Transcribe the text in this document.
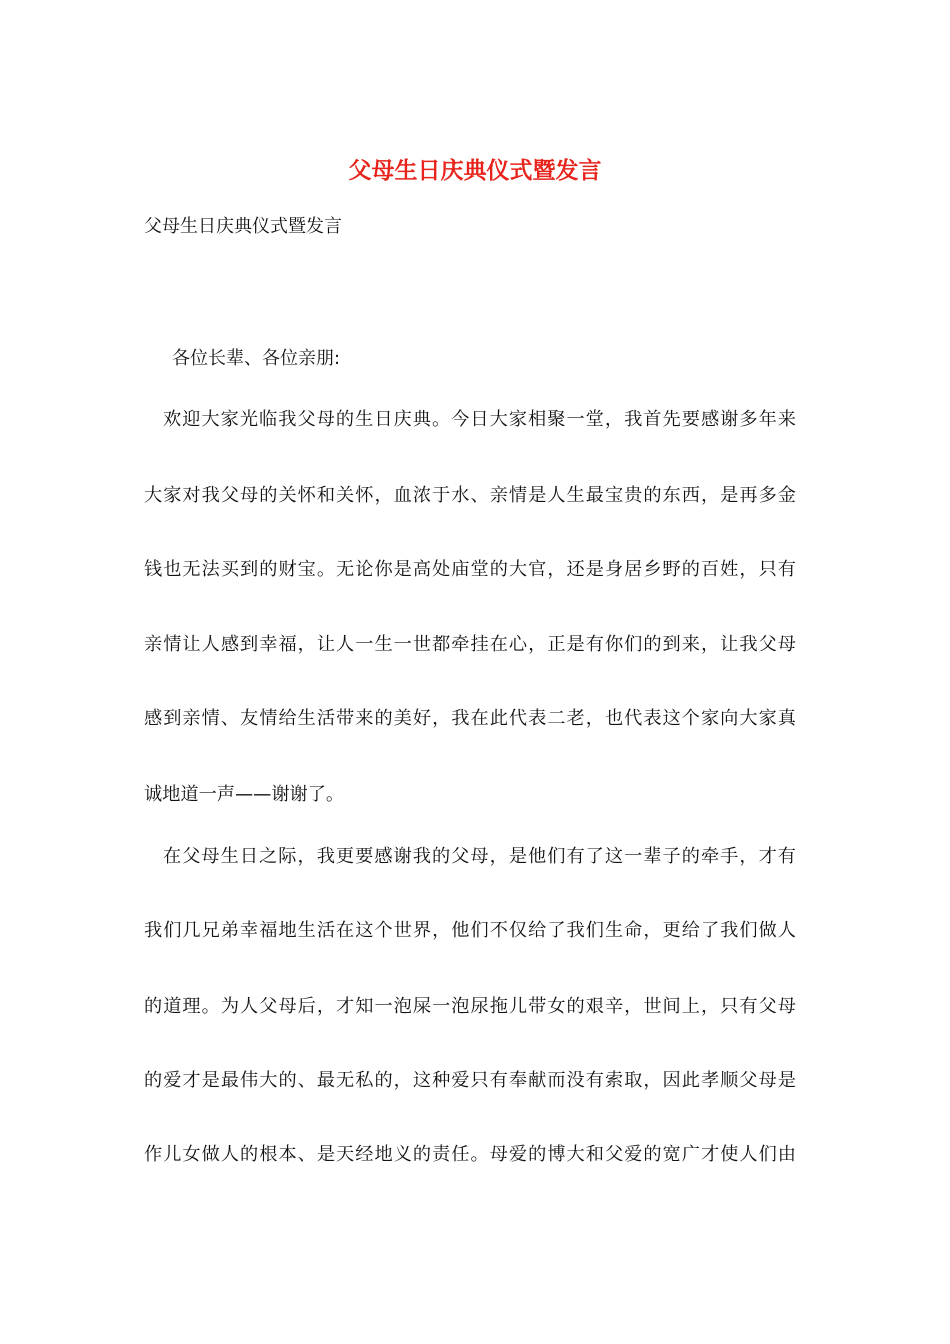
父母生日庆典仪式暨发言
父母生日庆典仪式暨发言
各位长辈、各位亲朋:
欢迎大家光临我父母的生日庆典。今日大家相聚一堂，我首先要感谢多年来
大家对我父母的关怀和关怀，血浓于水、亲情是人生最宝贵的东西，是再多金
钱也无法买到的财宝。无论你是高处庙堂的大官，还是身居乡野的百姓，只有
亲情让人感到幸福，让人一生一世都牵挂在心，正是有你们的到来，让我父母
感到亲情、友情给生活带来的美好，我在此代表二老，也代表这个家向大家真
诚地道一声——谢谢了。
在父母生日之际，我更要感谢我的父母，是他们有了这一辈子的牵手，才有
我们几兄弟幸福地生活在这个世界，他们不仅给了我们生命，更给了我们做人
的道理。为人父母后，才知一泡屎一泡尿拖儿带女的艰辛，世间上，只有父母
的爱才是最伟大的、最无私的，这种爱只有奉献而没有索取，因此孝顺父母是
作儿女做人的根本、是天经地义的责任。母爱的博大和父爱的宽广才使人们由
